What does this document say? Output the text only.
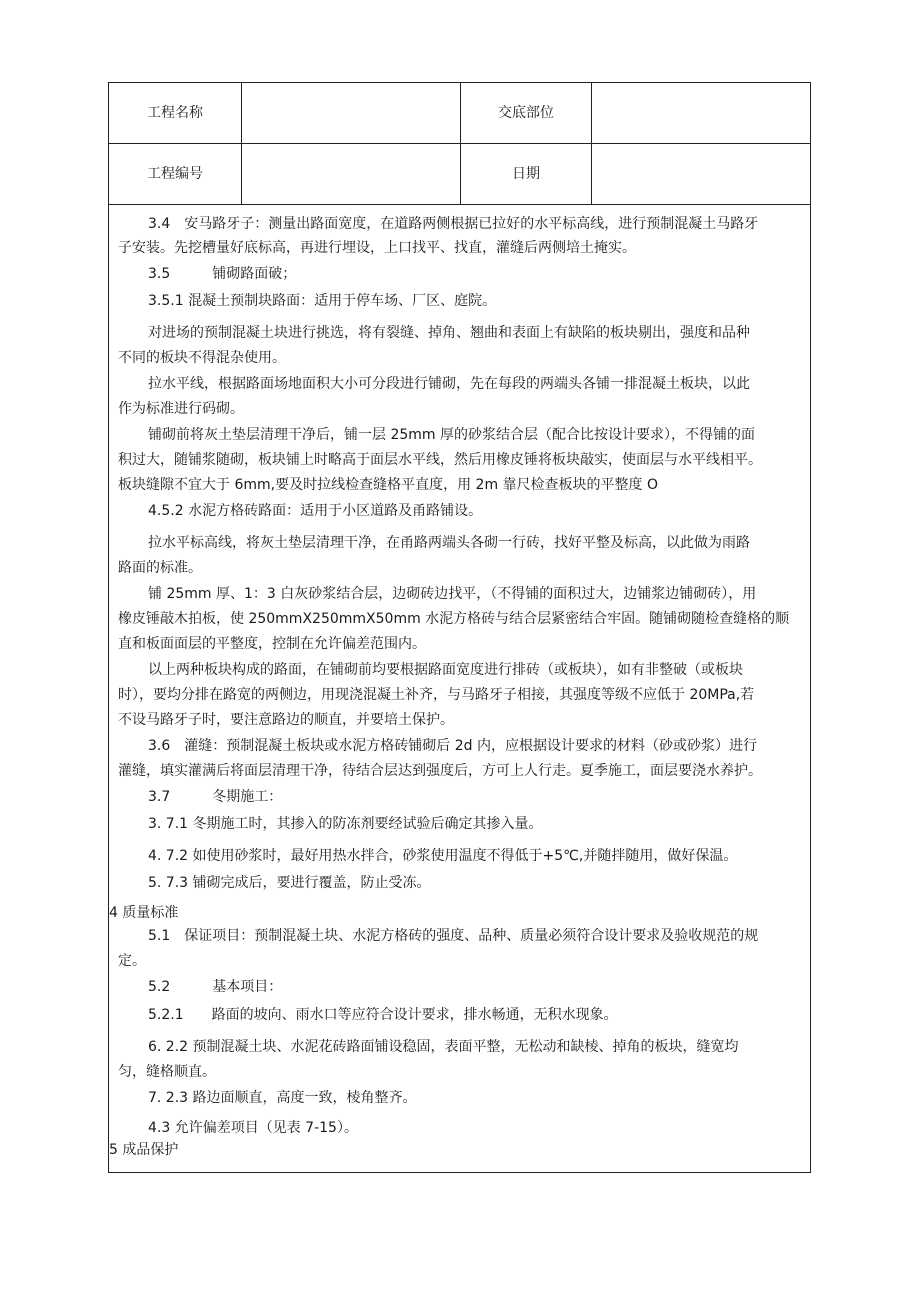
工程名称	交底部位
工程编号	日期
3.4　安马路牙子：测量出路面宽度，在道路两侧根据已拉好的水平标高线，进行预制混凝土马路牙
子安装。先挖槽量好底标高，再进行埋设，上口找平、找直，灌缝后两侧培土掩实。
3.5　　　铺砌路面破；
3.5.1 混凝土预制块路面：适用于停车场、厂区、庭院。
对进场的预制混凝土块进行挑选，将有裂缝、掉角、翘曲和表面上有缺陷的板块剔出，强度和品种
不同的板块不得混杂使用。
拉水平线，根据路面场地面积大小可分段进行铺砌，先在每段的两端头各铺一排混凝土板块，以此
作为标准进行码砌。
铺砌前将灰土垫层清理干净后，铺一层 25mm 厚的砂浆结合层（配合比按设计要求），不得铺的面
积过大，随铺浆随砌，板块铺上时略高于面层水平线，然后用橡皮锤将板块敲实，使面层与水平线相平。
板块缝隙不宜大于 6mm,要及时拉线检查缝格平直度，用 2m 靠尺检查板块的平整度 O
4.5.2 水泥方格砖路面：适用于小区道路及甬路铺设。
拉水平标高线，将灰土垫层清理干净，在甬路两端头各砌一行砖，找好平整及标高，以此做为雨路
路面的标准。
铺 25mm 厚、1：3 白灰砂浆结合层，边砌砖边找平，（不得铺的面积过大，边铺浆边铺砌砖），用
橡皮锤敲木拍板，使 250mmX250mmX50mm 水泥方格砖与结合层紧密结合牢固。随铺砌随检查缝格的顺
直和板面面层的平整度，控制在允许偏差范围内。
以上两种板块构成的路面，在铺砌前均要根据路面宽度进行排砖（或板块），如有非整破（或板块
时），要均分排在路宽的两侧边，用现浇混凝土补齐，与马路牙子相接，其强度等级不应低于 20MPa,若
不设马路牙子时，要注意路边的顺直，并要培土保护。
3.6　灌缝：预制混凝土板块或水泥方格砖铺砌后 2d 内，应根据设计要求的材料（砂或砂浆）进行
灌缝，填实灌满后将面层清理干净，待结合层达到强度后，方可上人行走。夏季施工，面层要浇水养护。
3.7　　　冬期施工：
3. 7.1 冬期施工时，其掺入的防冻剂要经试验后确定其掺入量。
4. 7.2 如使用砂浆时，最好用热水拌合，砂浆使用温度不得低于+5℃,并随拌随用，做好保温。
5. 7.3 铺砌完成后，要进行覆盖，防止受冻。
4 质量标准
5.1　保证项目：预制混凝土块、水泥方格砖的强度、品种、质量必须符合设计要求及验收规范的规
定。
5.2　　　基本项目：
5.2.1　　路面的坡向、雨水口等应符合设计要求，排水畅通，无积水现象。
6. 2.2 预制混凝土块、水泥花砖路面铺设稳固，表面平整，无松动和缺棱、掉角的板块，缝宽均
匀，缝格顺直。
7. 2.3 路边面顺直，高度一致，棱角整齐。
4.3 允许偏差项目（见表 7-15）。
5 成品保护
